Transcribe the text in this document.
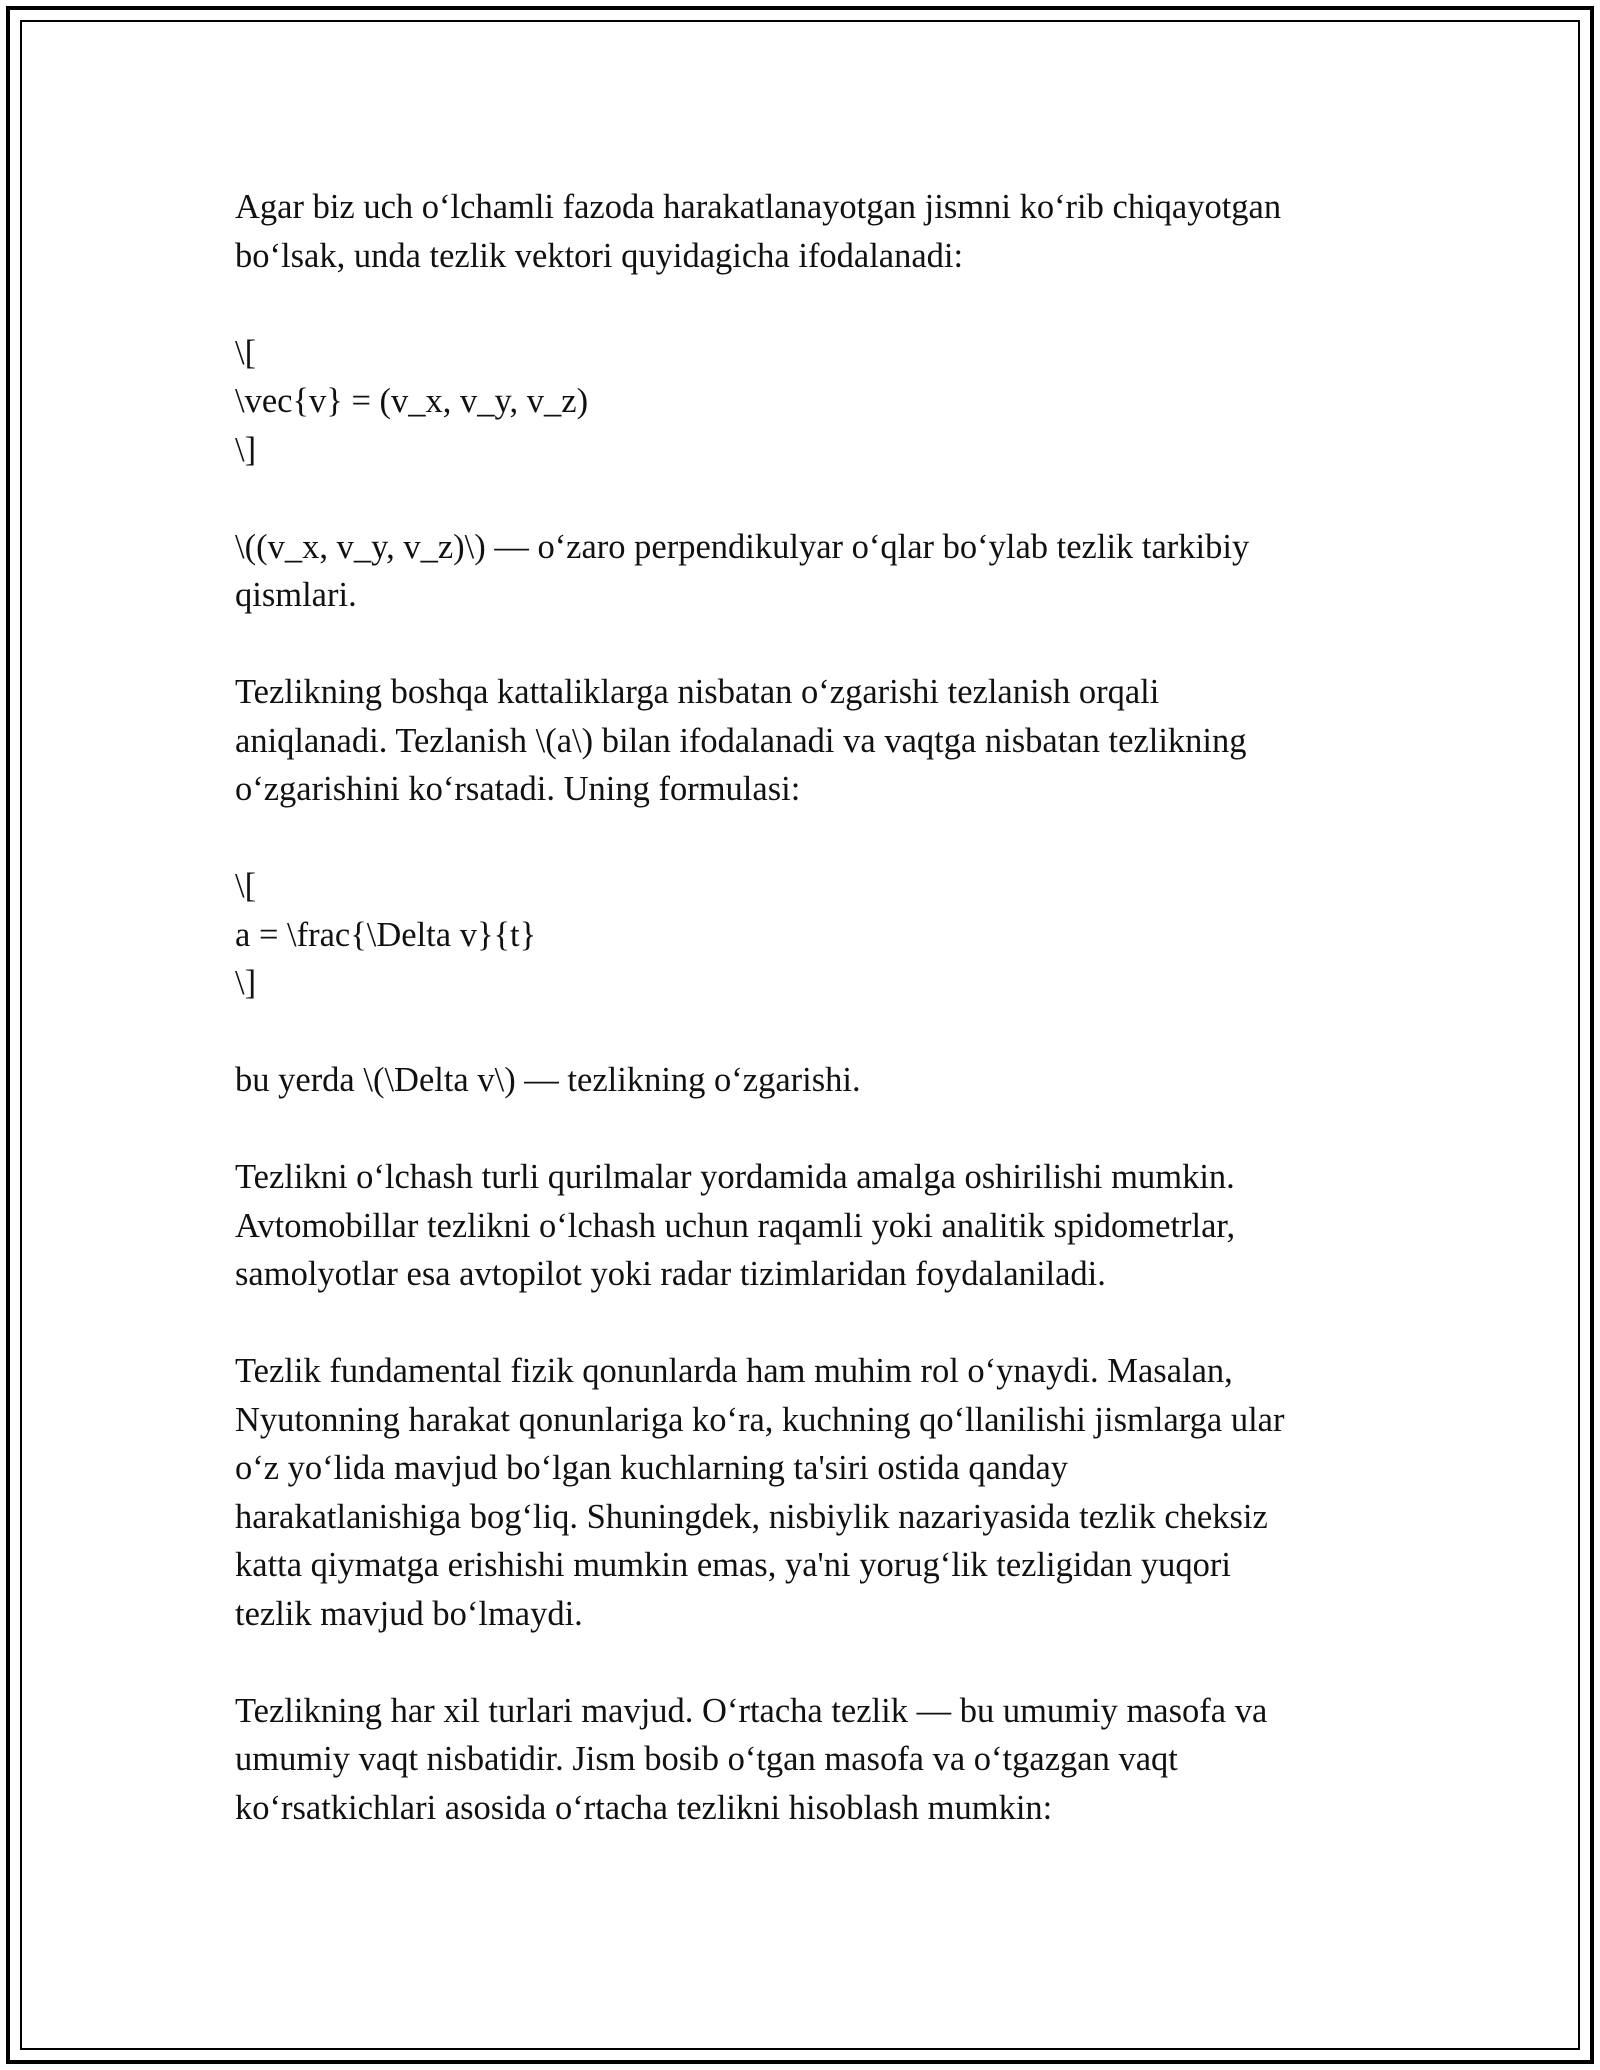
Agar biz uch o‘lchamli fazoda harakatlanayotgan jismni ko‘rib chiqayotgan
bo‘lsak, unda tezlik vektori quyidagicha ifodalanadi:
\[
\vec{v} = (v_x, v_y, v_z)
\]
\((v_x, v_y, v_z)\) — o‘zaro perpendikulyar o‘qlar bo‘ylab tezlik tarkibiy
qismlari.
Tezlikning boshqa kattaliklarga nisbatan o‘zgarishi tezlanish orqali
aniqlanadi. Tezlanish \(a\) bilan ifodalanadi va vaqtga nisbatan tezlikning
o‘zgarishini ko‘rsatadi. Uning formulasi:
\[
a = \frac{\Delta v}{t}
\]
bu yerda \(\Delta v\) — tezlikning o‘zgarishi.
Tezlikni o‘lchash turli qurilmalar yordamida amalga oshirilishi mumkin.
Avtomobillar tezlikni o‘lchash uchun raqamli yoki analitik spidometrlar,
samolyotlar esa avtopilot yoki radar tizimlaridan foydalaniladi.
Tezlik fundamental fizik qonunlarda ham muhim rol o‘ynaydi. Masalan,
Nyutonning harakat qonunlariga ko‘ra, kuchning qo‘llanilishi jismlarga ular
o‘z yo‘lida mavjud bo‘lgan kuchlarning ta'siri ostida qanday
harakatlanishiga bog‘liq. Shuningdek, nisbiylik nazariyasida tezlik cheksiz
katta qiymatga erishishi mumkin emas, ya'ni yorug‘lik tezligidan yuqori
tezlik mavjud bo‘lmaydi.
Tezlikning har xil turlari mavjud. O‘rtacha tezlik — bu umumiy masofa va
umumiy vaqt nisbatidir. Jism bosib o‘tgan masofa va o‘tgazgan vaqt
ko‘rsatkichlari asosida o‘rtacha tezlikni hisoblash mumkin:
